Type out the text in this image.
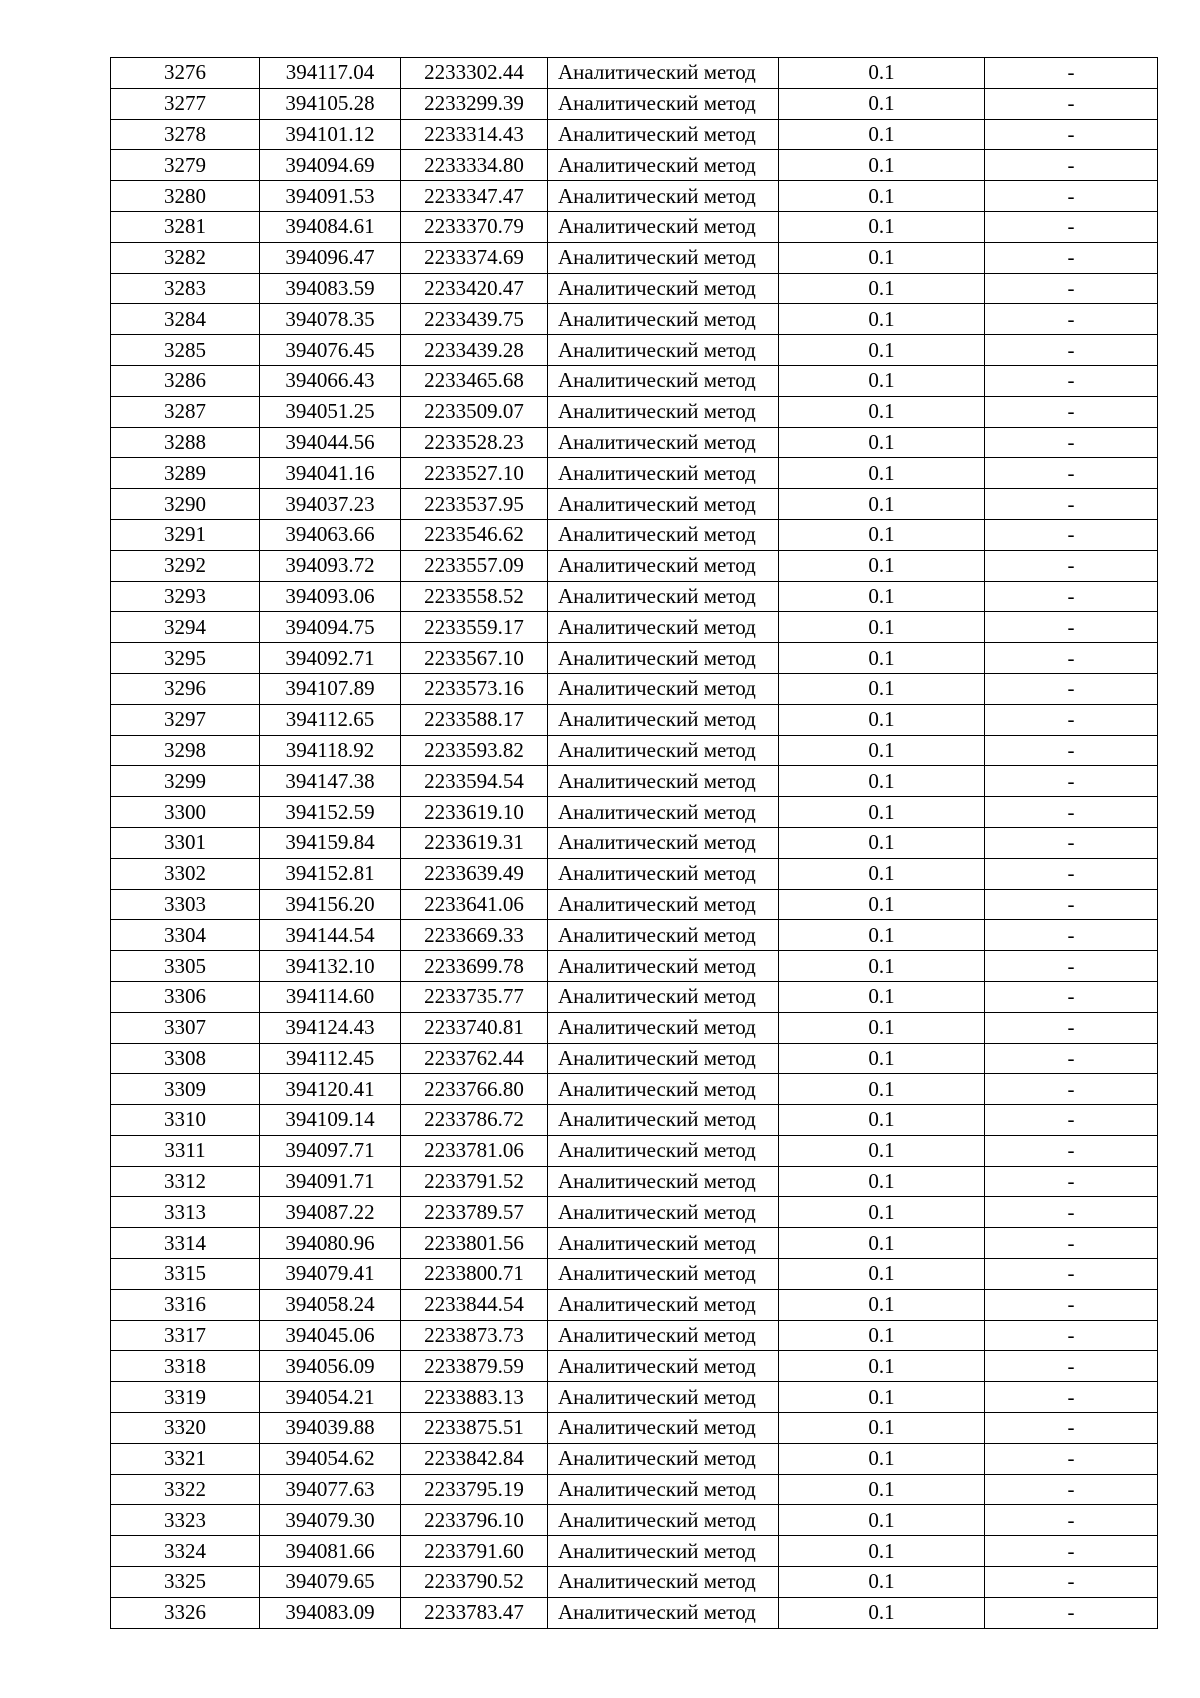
3276	394117.04	2233302.44	Аналитический метод	0.1	-
3277	394105.28	2233299.39	Аналитический метод	0.1	-
3278	394101.12	2233314.43	Аналитический метод	0.1	-
3279	394094.69	2233334.80	Аналитический метод	0.1	-
3280	394091.53	2233347.47	Аналитический метод	0.1	-
3281	394084.61	2233370.79	Аналитический метод	0.1	-
3282	394096.47	2233374.69	Аналитический метод	0.1	-
3283	394083.59	2233420.47	Аналитический метод	0.1	-
3284	394078.35	2233439.75	Аналитический метод	0.1	-
3285	394076.45	2233439.28	Аналитический метод	0.1	-
3286	394066.43	2233465.68	Аналитический метод	0.1	-
3287	394051.25	2233509.07	Аналитический метод	0.1	-
3288	394044.56	2233528.23	Аналитический метод	0.1	-
3289	394041.16	2233527.10	Аналитический метод	0.1	-
3290	394037.23	2233537.95	Аналитический метод	0.1	-
3291	394063.66	2233546.62	Аналитический метод	0.1	-
3292	394093.72	2233557.09	Аналитический метод	0.1	-
3293	394093.06	2233558.52	Аналитический метод	0.1	-
3294	394094.75	2233559.17	Аналитический метод	0.1	-
3295	394092.71	2233567.10	Аналитический метод	0.1	-
3296	394107.89	2233573.16	Аналитический метод	0.1	-
3297	394112.65	2233588.17	Аналитический метод	0.1	-
3298	394118.92	2233593.82	Аналитический метод	0.1	-
3299	394147.38	2233594.54	Аналитический метод	0.1	-
3300	394152.59	2233619.10	Аналитический метод	0.1	-
3301	394159.84	2233619.31	Аналитический метод	0.1	-
3302	394152.81	2233639.49	Аналитический метод	0.1	-
3303	394156.20	2233641.06	Аналитический метод	0.1	-
3304	394144.54	2233669.33	Аналитический метод	0.1	-
3305	394132.10	2233699.78	Аналитический метод	0.1	-
3306	394114.60	2233735.77	Аналитический метод	0.1	-
3307	394124.43	2233740.81	Аналитический метод	0.1	-
3308	394112.45	2233762.44	Аналитический метод	0.1	-
3309	394120.41	2233766.80	Аналитический метод	0.1	-
3310	394109.14	2233786.72	Аналитический метод	0.1	-
3311	394097.71	2233781.06	Аналитический метод	0.1	-
3312	394091.71	2233791.52	Аналитический метод	0.1	-
3313	394087.22	2233789.57	Аналитический метод	0.1	-
3314	394080.96	2233801.56	Аналитический метод	0.1	-
3315	394079.41	2233800.71	Аналитический метод	0.1	-
3316	394058.24	2233844.54	Аналитический метод	0.1	-
3317	394045.06	2233873.73	Аналитический метод	0.1	-
3318	394056.09	2233879.59	Аналитический метод	0.1	-
3319	394054.21	2233883.13	Аналитический метод	0.1	-
3320	394039.88	2233875.51	Аналитический метод	0.1	-
3321	394054.62	2233842.84	Аналитический метод	0.1	-
3322	394077.63	2233795.19	Аналитический метод	0.1	-
3323	394079.30	2233796.10	Аналитический метод	0.1	-
3324	394081.66	2233791.60	Аналитический метод	0.1	-
3325	394079.65	2233790.52	Аналитический метод	0.1	-
3326	394083.09	2233783.47	Аналитический метод	0.1	-
